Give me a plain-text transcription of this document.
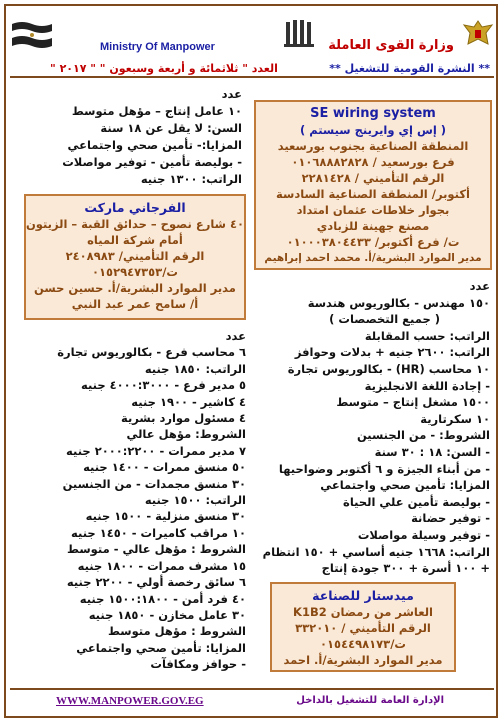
Ministry Of Manpower	وزارة القوى العاملة
العدد " ثلاثمائة و أربعة وسبعون " " ٢٠١٧ "	** النشرة القومية للتشغيل **
SE wiring system
( إس إي وايرينج سيستم )
المنطقة الصناعية بجنوب بورسعيد
فرع بورسعيد / ٠١٠٦٨٨٨٢٨٢٨
الرقم التأميني / ٢٢٨١٤٢٨
أكتوبر/ المنطقة الصناعية السادسة
بجوار خلاطات عثمان امتداد
مصنع جهينة للزبادي
ت/ فرع أكتوبر/ ٠١٠٠٠٣٨٠٤٤٣٣
مدير الموارد البشرية/أ. محمد احمد إبراهيم
عدد
١٠ عامل إنتاج – مؤهل متوسط
السن: لا يقل عن ١٨ سنة
المزايا:- تأمين صحي واجتماعي
- بوليصة تأمين - توفير مواصلات
الراتب: ١٣٠٠ جنيه
الفرجاني ماركت
٤٠ شارع نصوح – حدائق القبة – الزيتون
أمام شركة المياه
الرقم التأميني/ ٢٤٠٨٩٨٣
ت/٠١٥٢٩٤٧٣٥٣
مدير الموارد البشرية/أ. حسين حسن
أ/ سامح عمر عبد النبي
عدد
٦ محاسب فرع - بكالوريوس تجارة
الراتب: ١٨٥٠ جنيه
٥ مدير فرع - ٤٠٠٠:٣٠٠٠ جنيه
٤ كاشير - ١٩٠٠ جنيه
٤ مسئول موارد بشرية
الشروط: مؤهل عالي
٧ مدير ممرات - ٢٠٠٠:٢٢٠٠ جنيه
٥٠ منسق ممرات - ١٤٠٠ جنيه
٣٠ منسق مجمدات - من الجنسين
الراتب: ١٥٠٠ جنيه
٣٠ منسق منزلية - ١٥٠٠ جنيه
١٠ مراقب كاميرات - ١٤٥٠ جنيه
الشروط : مؤهل عالي - متوسط
١٥ مشرف ممرات - ١٨٠٠ جنيه
٦ سائق رخصة أولي - ٢٢٠٠ جنيه
٤٠ فرد أمن - ١٥٠٠:١٨٠٠ جنيه
٣٠ عامل مخازن - ١٨٥٠ جنيه
الشروط : مؤهل متوسط
المزايا: تأمين صحي واجتماعي
- حوافز ومكافآت
عدد
١٥٠ مهندس - بكالوريوس هندسة
( جميع التخصصات )
الراتب: حسب المقابلة
الراتب: ٢٦٠٠ جنيه + بدلات وحوافز
١٠ محاسب (HR) - بكالوريوس تجارة
- إجادة اللغة الانجليزية
١٥٠٠ مشغل إنتاج – متوسط
١٠ سكرتارية
الشروط: - من الجنسين
- السن: ١٨ : ٣٠ سنة
- من أبناء الجيزة و ٦ أكتوبر وضواحيها
المزايا: تأمين صحي واجتماعي
- بوليصة تأمين علي الحياة
- توفير حضانة
- توفير وسيلة مواصلات
الراتب: ١٦٦٨ جنيه أساسي + ١٥٠ انتظام
+ ١٠٠ أسرة + ٣٠٠ جودة إنتاج
ميدستار للصناعة
العاشر من رمضان K1B2
الرقم التأميني / ٣٣٢٠١٠
ت/٠١٥٤٤٩٨١٧٣
مدير الموارد البشرية/أ. احمد
WWW.MANPOWER.GOV.EG	الإدارة العامة للتشغيل بالداخل
